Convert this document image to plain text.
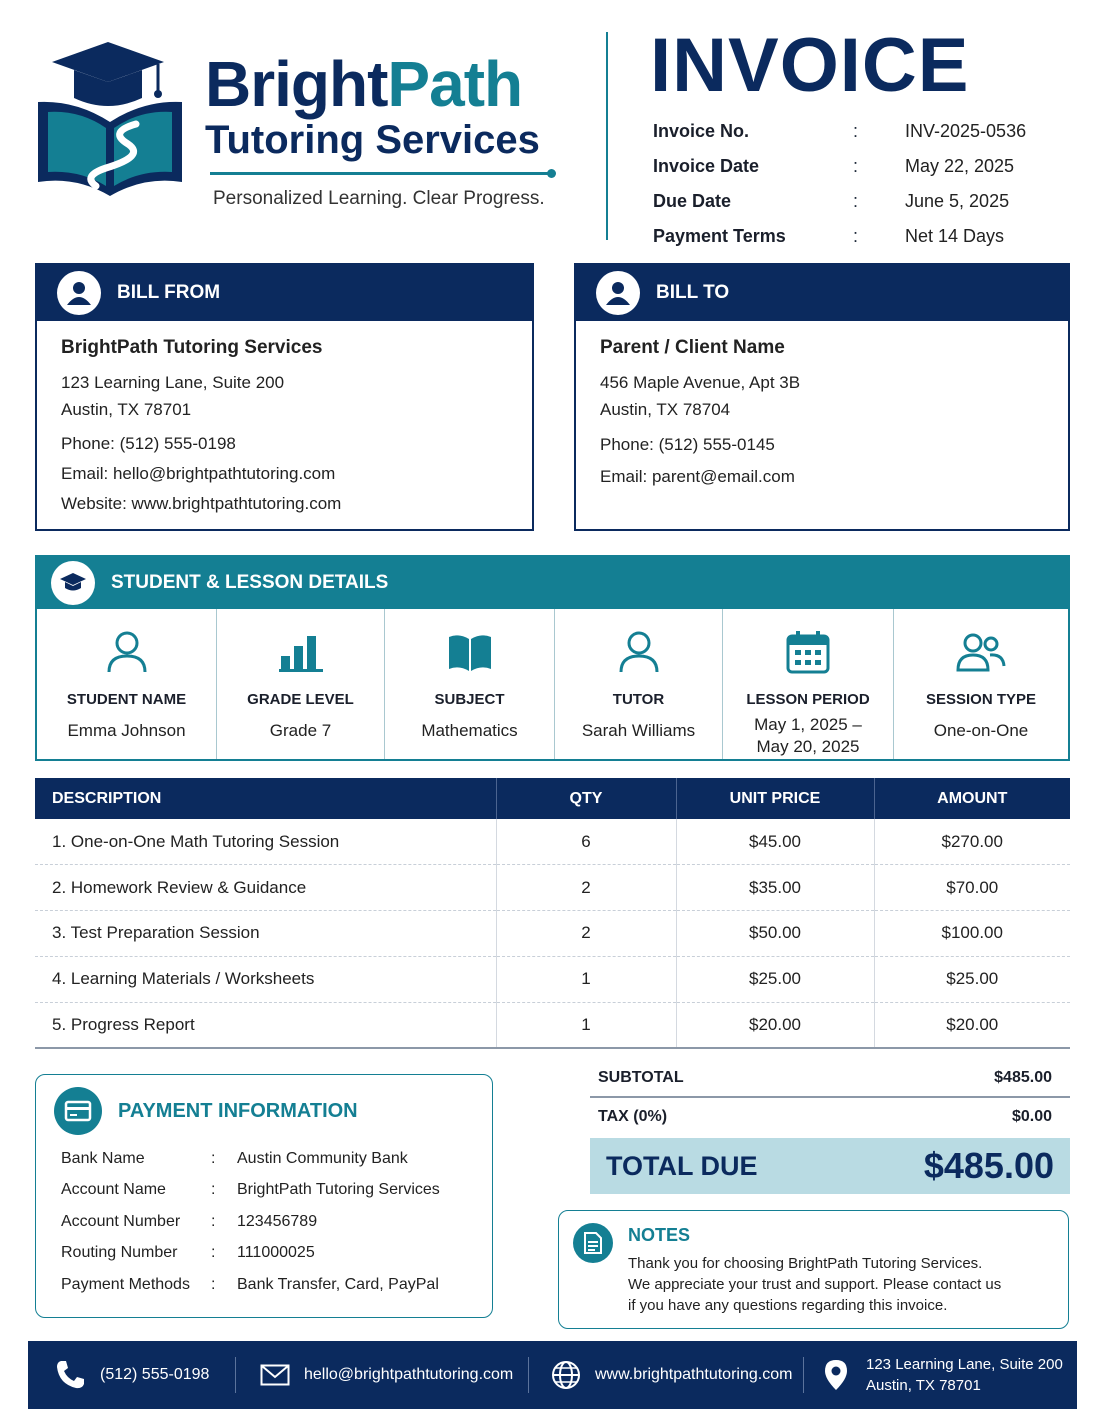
BrightPath
Tutoring Services
Personalized Learning. Clear Progress.
INVOICE
Invoice No.	:	INV-2025-0536
Invoice Date	:	May 22, 2025
Due Date	:	June 5, 2025
Payment Terms	:	Net 14 Days
BILL FROM
BrightPath Tutoring Services
123 Learning Lane, Suite 200
Austin, TX 78701
Phone: (512) 555-0198
Email: hello@brightpathtutoring.com
Website: www.brightpathtutoring.com
BILL TO
Parent / Client Name
456 Maple Avenue, Apt 3B
Austin, TX 78704
Phone: (512) 555-0145
Email: parent@email.com
STUDENT & LESSON DETAILS
STUDENT NAME
Emma Johnson
GRADE LEVEL
Grade 7
SUBJECT
Mathematics
TUTOR
Sarah Williams
LESSON PERIOD
May 1, 2025 –
May 20, 2025
SESSION TYPE
One-on-One
DESCRIPTION	QTY	UNIT PRICE	AMOUNT
1. One-on-One Math Tutoring Session	6	$45.00	$270.00
2. Homework Review & Guidance	2	$35.00	$70.00
3. Test Preparation Session	2	$50.00	$100.00
4. Learning Materials / Worksheets	1	$25.00	$25.00
5. Progress Report	1	$20.00	$20.00
PAYMENT INFORMATION
Bank Name	:	Austin Community Bank
Account Name	:	BrightPath Tutoring Services
Account Number	:	123456789
Routing Number	:	111000025
Payment Methods	:	Bank Transfer, Card, PayPal
SUBTOTAL	$485.00
TAX (0%)	$0.00
TOTAL DUE	$485.00
NOTES
Thank you for choosing BrightPath Tutoring Services.
We appreciate your trust and support. Please contact us
if you have any questions regarding this invoice.
(512) 555-0198	hello@brightpathtutoring.com	www.brightpathtutoring.com
123 Learning Lane, Suite 200
Austin, TX 78701
